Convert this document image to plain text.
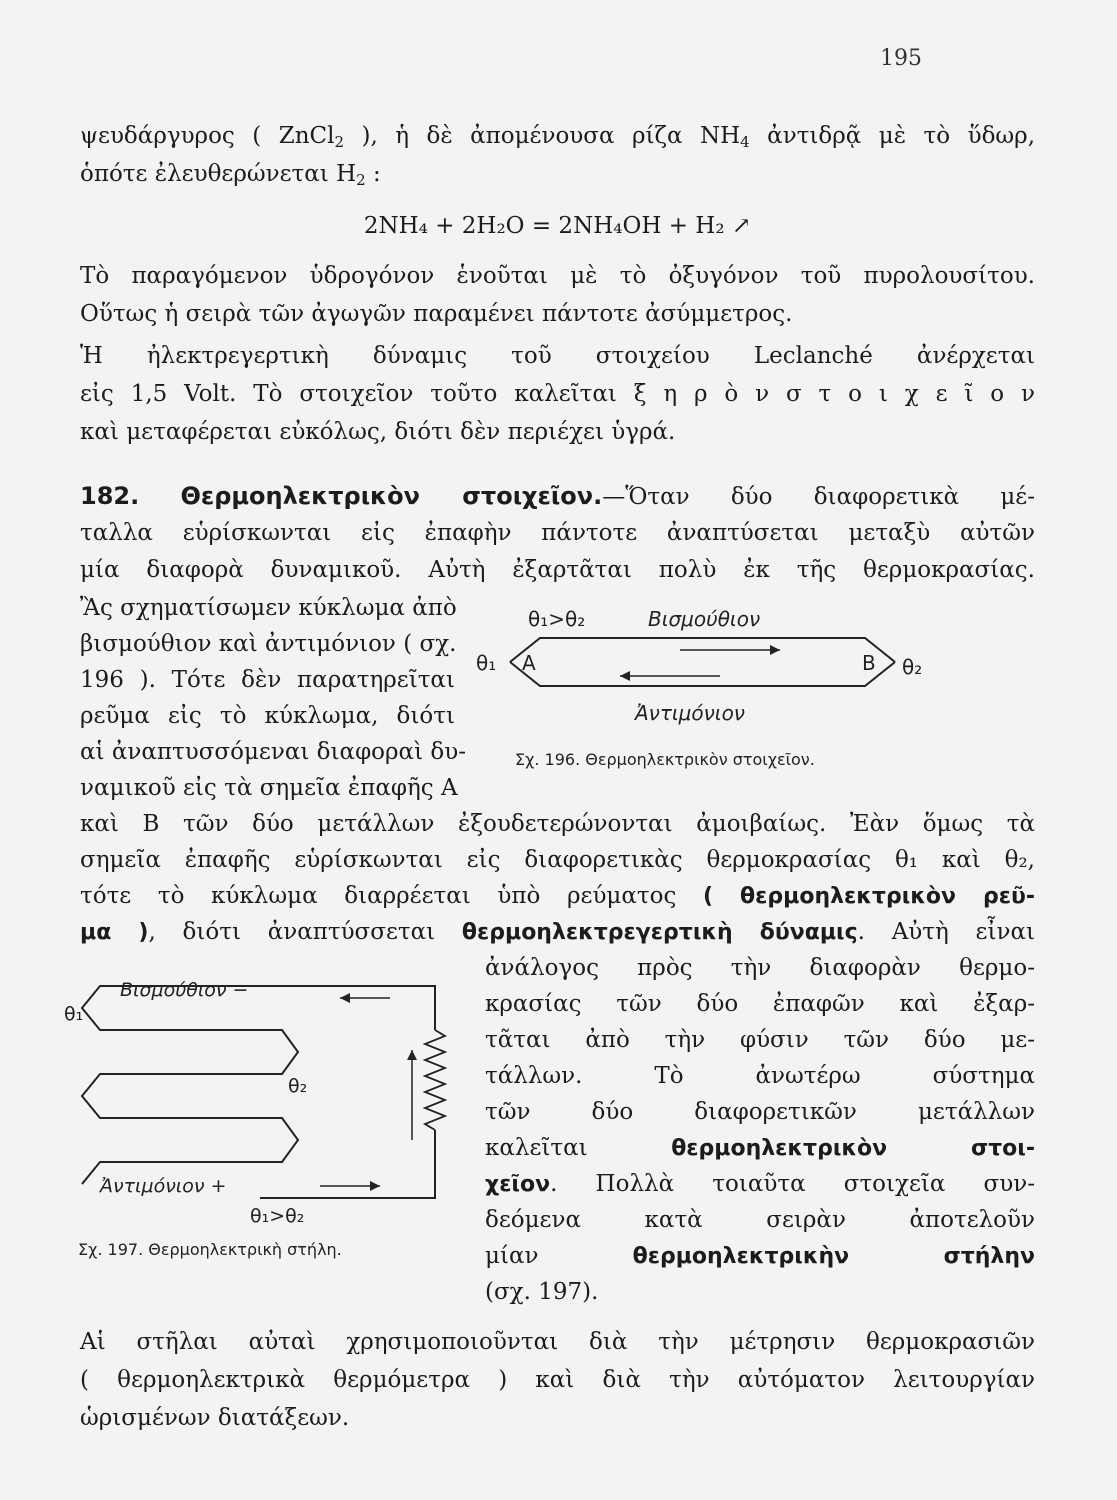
195
ψευδάργυρος ( ZnCl$_2$ ), ἡ δὲ ἀπομένουσα ρίζα $NH_4$ ἀντιδρᾷ μὲ τὸ ὕδωρ,
ὁπότε ἐλευθερώνεται $H_2$ :
2NH₄ + 2H₂O = 2NH₄OH + H₂ ↗
Τὸ παραγόμενον ὑδρογόνον ἑνοῦται μὲ τὸ ὀξυγόνον τοῦ πυρολουσίτου.
Οὕτως ἡ σειρὰ τῶν ἀγωγῶν παραμένει πάντοτε ἀσύμμετρος.
Ἡ ἠλεκτρεγερτικὴ δύναμις τοῦ στοιχείου Leclanché ἀνέρχεται
εἰς 1,5 Volt. Τὸ στοιχεῖον τοῦτο καλεῖται ξ η ρ ὸ ν σ τ ο ι χ ε ῖ ο ν
καὶ μεταφέρεται εὐκόλως, διότι δὲν περιέχει ὑγρά.
182. Θερμοηλεκτρικὸν στοιχεῖον.—Ὅταν δύο διαφορετικὰ μέ-
ταλλα εὑρίσκωνται εἰς ἐπαφὴν πάντοτε ἀναπτύσεται μεταξὺ αὐτῶν
μία διαφορὰ δυναμικοῦ. Αὐτὴ ἐξαρτᾶται πολὺ ἐκ τῆς θερμοκρασίας.
Ἂς σχηματίσωμεν κύκλωμα ἀπὸ
βισμούθιον καὶ ἀντιμόνιον ( σχ.
196 ). Τότε δὲν παρατηρεῖται
ρεῦμα εἰς τὸ κύκλωμα, διότι
αἱ ἀναπτυσσόμεναι διαφοραὶ δυ-
ναμικοῦ εἰς τὰ σημεῖα ἐπαφῆς A
καὶ B τῶν δύο μετάλλων ἐξουδετερώνονται ἀμοιβαίως. Ἐὰν ὅμως τὰ
σημεῖα ἐπαφῆς εὑρίσκωνται εἰς διαφορετικὰς θερμοκρασίας θ₁ καὶ θ₂,
τότε τὸ κύκλωμα διαρρέεται ὑπὸ ρεύματος ( θερμοηλεκτρικὸν ρεῦ-
μα ), διότι ἀναπτύσσεται θερμοηλεκτρεγερτικὴ δύναμις. Αὐτὴ εἶναι
ἀνάλογος πρὸς τὴν διαφορὰν θερμο-
κρασίας τῶν δύο ἐπαφῶν καὶ ἐξαρ-
τᾶται ἀπὸ τὴν φύσιν τῶν δύο με-
τάλλων. Τὸ ἀνωτέρω σύστημα
τῶν δύο διαφορετικῶν μετάλλων
καλεῖται θερμοηλεκτρικὸν στοι-
χεῖον. Πολλὰ τοιαῦτα στοιχεῖα συν-
δεόμενα κατὰ σειρὰν ἀποτελοῦν
μίαν θερμοηλεκτρικὴν στήλην
(σχ. 197).
Αἱ στῆλαι αὐταὶ χρησιμοποιοῦνται διὰ τὴν μέτρησιν θερμοκρασιῶν
( θερμοηλεκτρικὰ θερμόμετρα ) καὶ διὰ τὴν αὐτόματον λειτουργίαν
ὡρισμένων διατάξεων.
θ₁>θ₂	Βισμούθιον
A	B
θ₁	θ₂
Ἀντιμόνιον
Σχ. 196. Θερμοηλεκτρικὸν στοιχεῖον.
Βισμούθιον −
θ₁
θ₂
Ἀντιμόνιον +
θ₁>θ₂
Σχ. 197. Θερμοηλεκτρικὴ στήλη.
